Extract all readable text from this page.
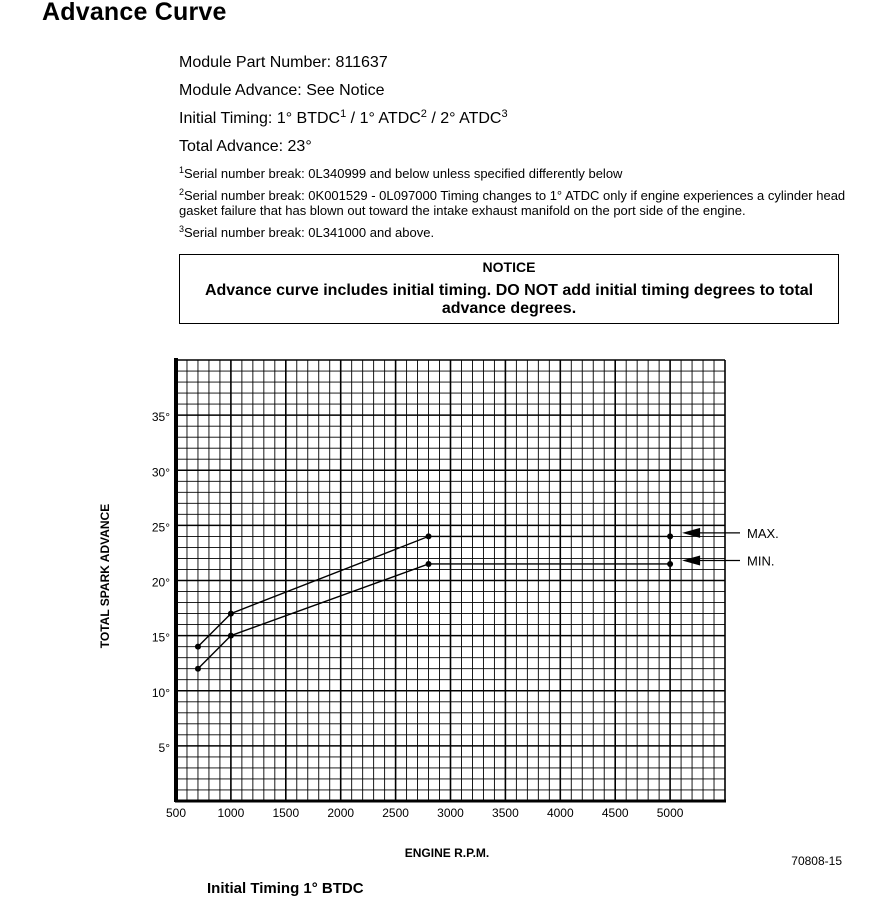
Advance Curve
Module Part Number: 811637
Module Advance: See Notice
Initial Timing: 1° BTDC$^1$ / 1° ATDC$^2$ / 2° ATDC$^3$
Total Advance: 23°
$^1$Serial number break: 0L340999 and below unless specified differently below
$^2$Serial number break: 0K001529 - 0L097000 Timing changes to 1° ATDC only if engine experiences a cylinder head gasket failure that has blown out toward the intake exhaust manifold on the port side of the engine.
$^3$Serial number break: 0L341000 and above.
NOTICE
Advance curve includes initial timing. DO NOT add initial timing degrees to total advance degrees.
500	1000 1500 2000 2500 3000 3500 4000 4500 5000
5°
10°
15°
20°
25°
30°
35°
MAX.
MIN.
ENGINE R.P.M.
TOTAL SPARK ADVANCE
70808-15
Initial Timing 1° BTDC
